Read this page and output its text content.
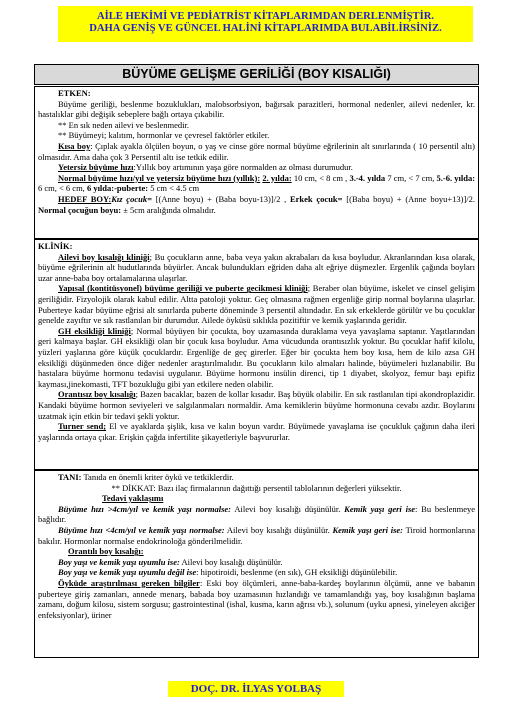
AİLE HEKİMİ VE PEDİATRİST KİTAPLARIMDAN DERLENMİŞTİR.
DAHA GENİŞ VE GÜNCEL HALİNİ KİTAPLARIMDA BULABİLİRSİNİZ.
BÜYÜME GELİŞME GERİLİĞİ (BOY KISALIĞI)

ETKEN:

Büyüme geriliği, beslenme bozuklukları, malobsorbsiyon, bağırsak parazitleri, hormonal nedenler, ailevi nedenler, kr. hastalıklar gibi değişik sebeplere bağlı ortaya çıkabilir.

** En sık neden ailevi ve beslenmedir.

** Büyümeyi; kalıtım, hormonlar ve çevresel faktörler etkiler.

Kısa boy: Çıplak ayakla ölçülen boyun, o yaş ve cinse göre normal büyüme eğrilerinin alt sınırlarında ( 10 persentil altı) olmasıdır. Ama daha çok 3 Persentil altı ise tetkik edilir.

Yetersiz büyüme hızı:Yıllık boy artımının yaşa göre normalden az olması durumudur.

Normal büyüme hızı/yıl ve yetersiz büyüme hızı (yıllık): 2. yılda: 10 cm, < 8 cm , 3.-4. yılda 7 cm, < 7 cm, 5.-6. yılda: 6 cm, < 6 cm, 6 yılda:-puberte: 5 cm < 4.5 cm

HEDEF BOY:Kız çocuk= [(Anne boyu) + (Baba boyu-13)]/2 , Erkek çocuk= [(Baba boyu) + (Anne boyu+13)]/2. Normal çocuğun boyu: ± 5cm aralığında olmalıdır.

KLİNİK:

Ailevi boy kısalığı kliniği; Bu çocukların anne, baba veya yakın akrabaları da kısa boyludur. Akranlarından kısa olarak, büyüme eğrilerinin alt hudutlarında büyürler. Ancak bulundukları eğriden daha alt eğriye düşmezler. Ergenlik çağında boyları uzar anne-baba boy ortalamalarına ulaşırlar.

Yapısal (kontitüsyonel) büyüme geriliği ve puberte gecikmesi kliniği; Beraber olan büyüme, iskelet ve cinsel gelişim geriliğidir. Fizyolojik olarak kabul edilir. Altta patoloji yoktur. Geç olmasına rağmen ergenliğe girip normal boylarına ulaşırlar. Puberteye kadar büyüme eğrisi alt sınırlarda puberte döneminde 3 persentil altındadır. En sık erkeklerde görülür ve bu çocuklar genelde zayıftır ve sık rastlanılan bir durumdur. Ailede öyküsü sıklıkla pozitiftir ve kemik yaşlarında geridir.

GH eksikliği kliniği; Normal büyüyen bir çocukta, boy uzamasında duraklama veya yavaşlama saptanır. Yaşıtlarından geri kalmaya başlar. GH eksikliği olan bir çocuk kısa boyludur. Ama vücudunda orantısızlık yoktur. Bu çocuklar hafif kilolu, yüzleri yaşlarına göre küçük çocuklardır. Ergenliğe de geç girerler. Eğer bir çocukta hem boy kısa, hem de kilo azsa GH eksikliği düşünmeden önce diğer nedenler araştırılmalıdır. Bu çocukların kilo almaları halinde, büyümeleri hızlanabilir. Bu hastalara büyüme hormonu tedavisi uygulanır. Büyüme hormonu insülin direnci, tip 1 diyabet, skolyoz, femur başı epifiz kayması,jinekomasti, TFT bozukluğu gibi yan etkilere neden olabilir.

Orantısız boy kısalığı; Bazen bacaklar, bazen de kollar kısadır. Baş büyük olabilir. En sık rastlanılan tipi akondroplazidir. Kandaki büyüme hormon seviyeleri ve salgılanmaları normaldir. Ama kemiklerin büyüme hormonuna cevabı azdır. Boylarını uzatmak için etkin bir tedavi şekli yoktur.

Turner send; El ve ayaklarda şişlik, kısa ve kalın boyun vardır. Büyümede yavaşlama ise çocukluk çağının daha ileri yaşlarında ortaya çıkar. Erişkin çağda infertilite şikayetleriyle başvururlar.

TANI: Tanıda en önemli kriter öykü ve tetkiklerdir.

** DİKKAT: Bazı ilaç firmalarının dağıttığı persentil tablolarının değerleri yüksektir.

Tedavi yaklaşımı

Büyüme hızı >4cm/yıl ve kemik yaşı normalse: Ailevi boy kısalığı düşünülür. Kemik yaşı geri ise: Bu beslenmeye bağlıdır.

Büyüme hızı <4cm/yıl ve kemik yaşı normalse: Ailevi boy kısalığı düşünülür. Kemik yaşı geri ise: Tiroid hormonlarına bakılır. Hormonlar normalse endokrinoloğa gönderilmelidir.

Orantılı boy kısalığı:

Boy yaşı ve kemik yaşı uyumlu ise: Ailevi boy kısalığı düşünülür.

Boy yaşı ve kemik yaşı uyumlu değil ise: hipotiroidi, beslenme (en sık), GH eksikliği düşünülebilir.

Öyküde araştırılması gereken bilgiler: Eski boy ölçümleri, anne-baba-kardeş boylarının ölçümü, anne ve babanın puberteye giriş zamanları, annede menarş, babada boy uzamasının hızlandığı ve tamamlandığı yaş, boy kısalığının başlama zamanı, doğum kilosu, sistem sorgusu; gastrointestinal (ishal, kusma, karın ağrısı vb.), solunum (uyku apnesi, yineleyen akciğer enfeksiyonlar), üriner

DOÇ. DR. İLYAS YOLBAŞ
